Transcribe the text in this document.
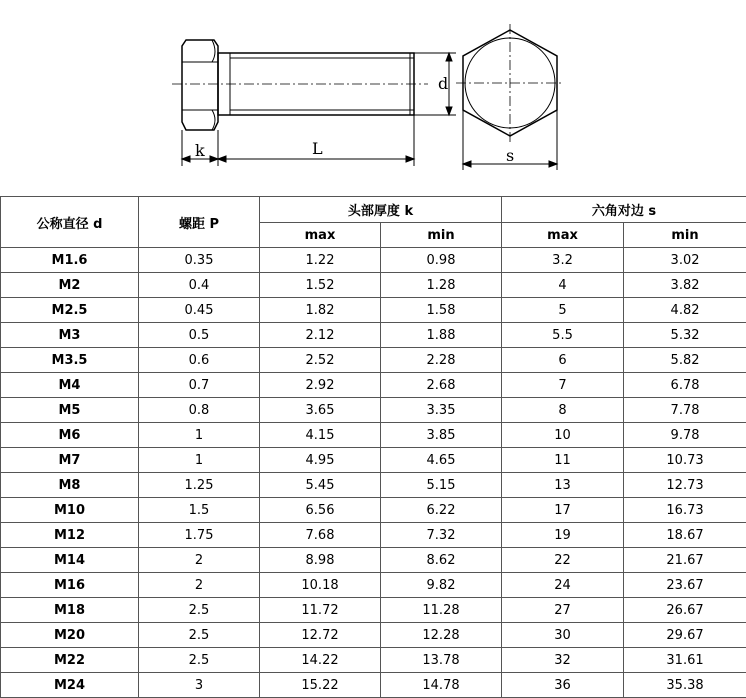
k	L
d
s
公称直径 d	螺距 P	头部厚度 k		六角对边 s	
		max	min	max	min
M1.6	0.35	1.22	0.98	3.2	3.02
M2	0.4	1.52	1.28	4	3.82
M2.5	0.45	1.82	1.58	5	4.82
M3	0.5	2.12	1.88	5.5	5.32
M3.5	0.6	2.52	2.28	6	5.82
M4	0.7	2.92	2.68	7	6.78
M5	0.8	3.65	3.35	8	7.78
M6	1	4.15	3.85	10	9.78
M7	1	4.95	4.65	11	10.73
M8	1.25	5.45	5.15	13	12.73
M10	1.5	6.56	6.22	17	16.73
M12	1.75	7.68	7.32	19	18.67
M14	2	8.98	8.62	22	21.67
M16	2	10.18	9.82	24	23.67
M18	2.5	11.72	11.28	27	26.67
M20	2.5	12.72	12.28	30	29.67
M22	2.5	14.22	13.78	32	31.61
M24	3	15.22	14.78	36	35.38
